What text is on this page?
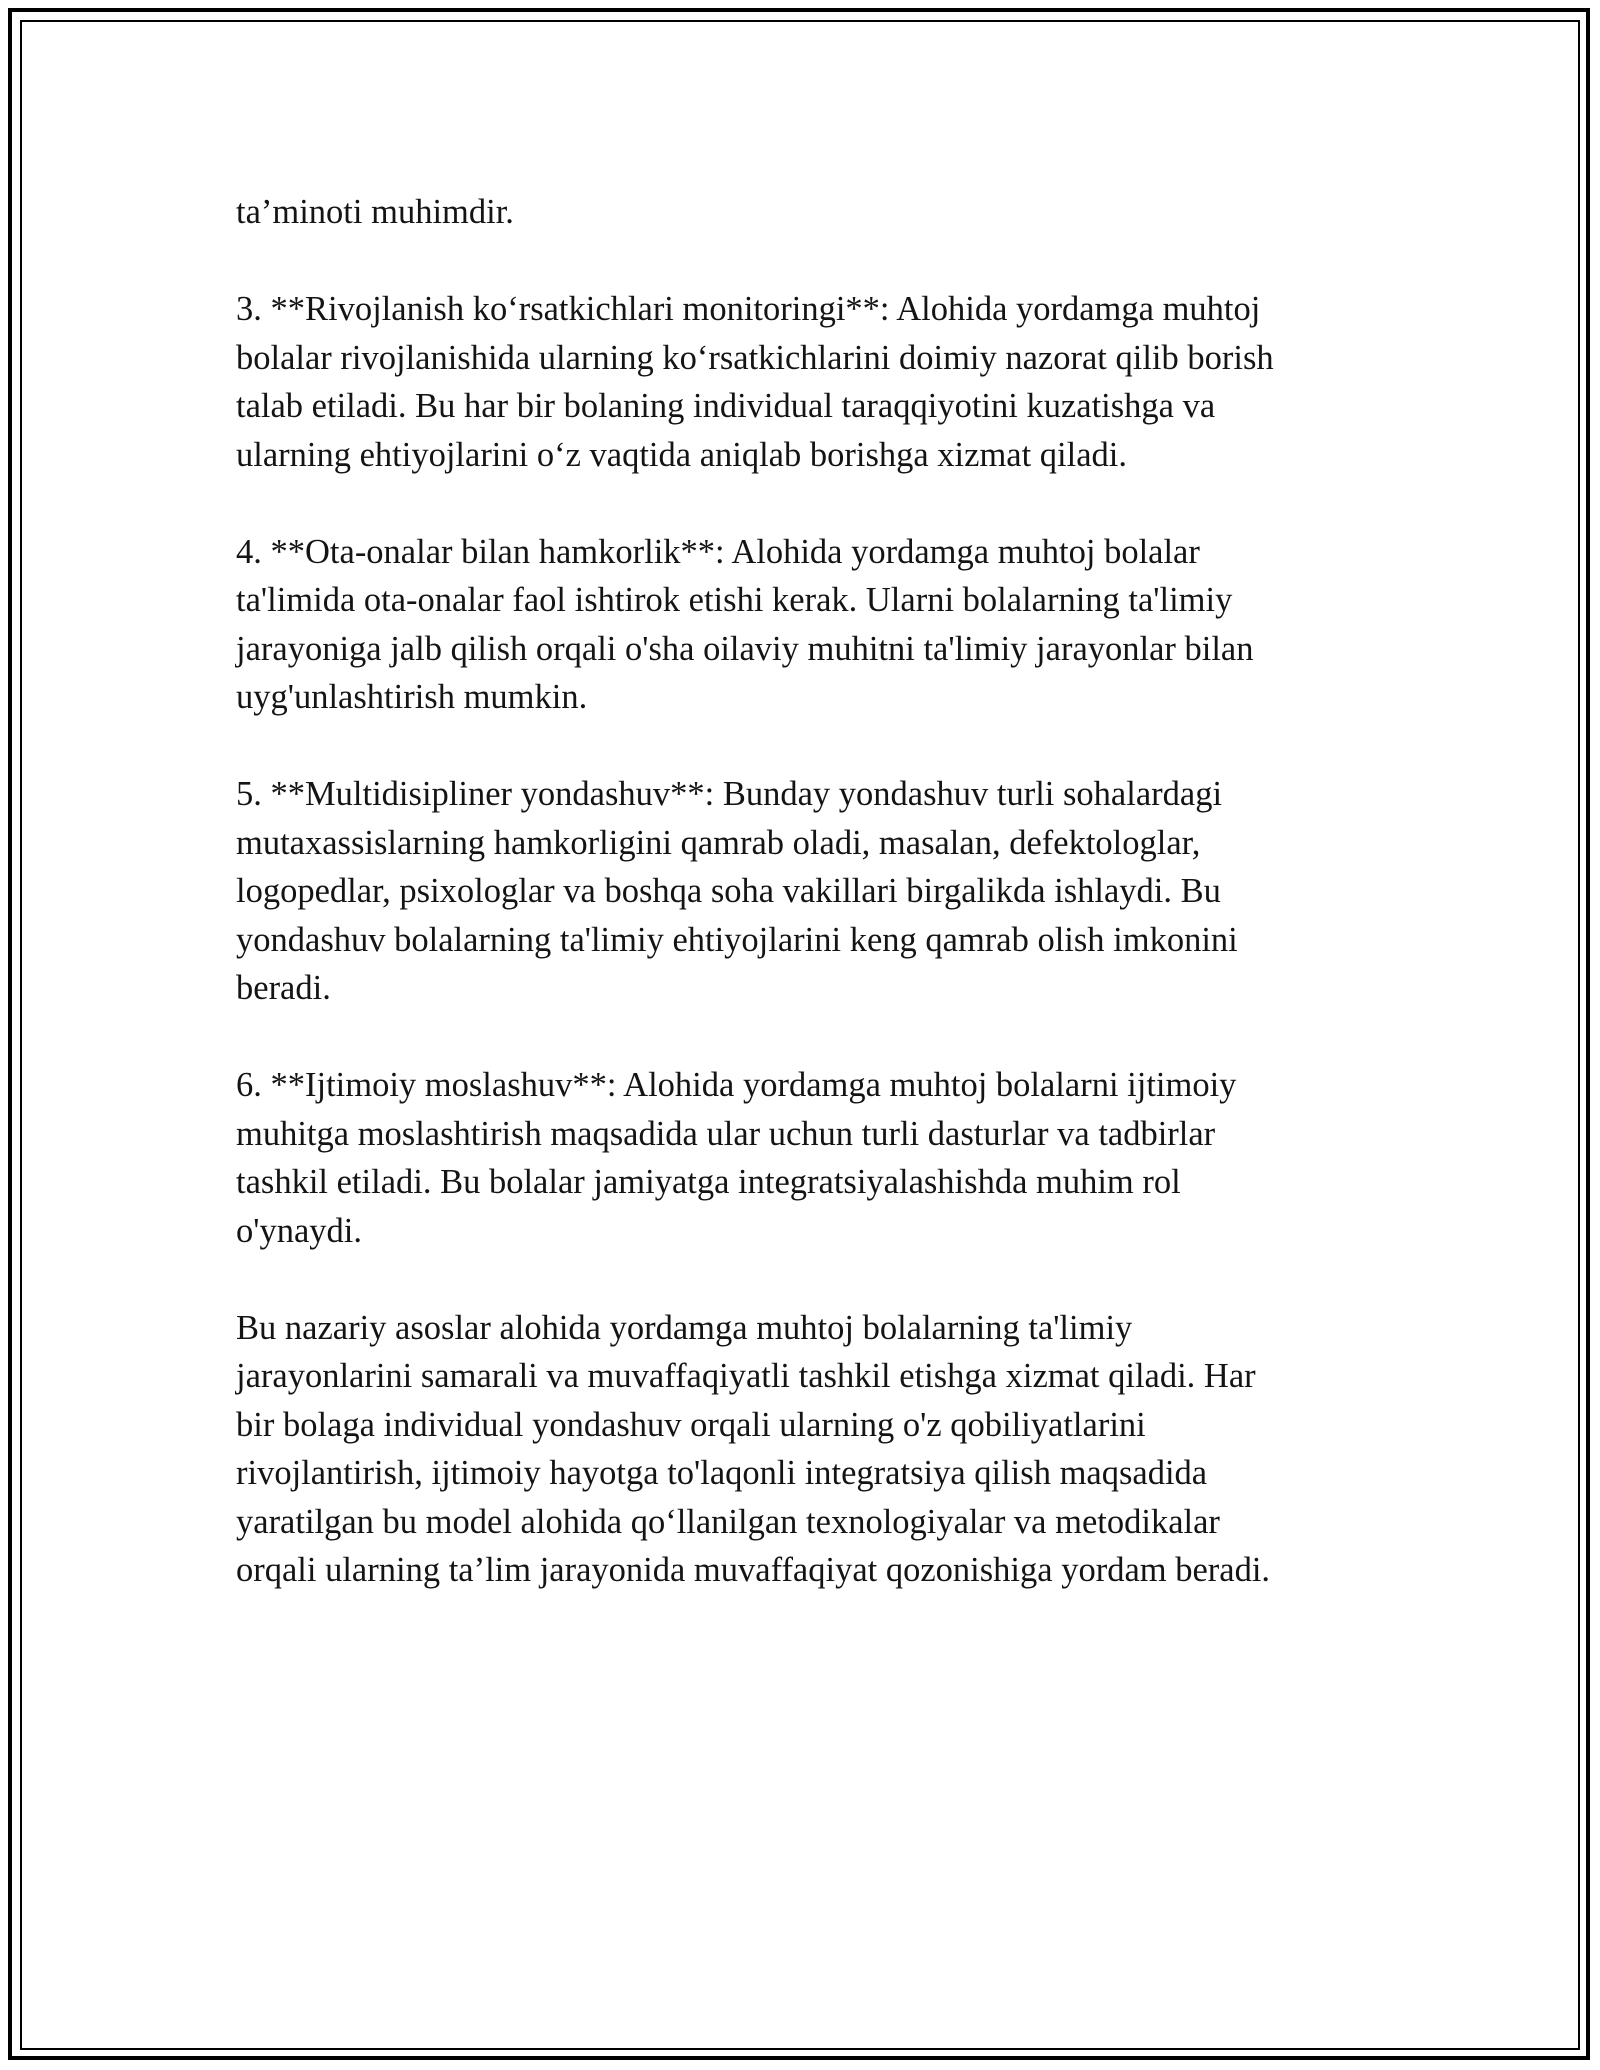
ta’minoti muhimdir.

3. **Rivojlanish ko‘rsatkichlari monitoringi**: Alohida yordamga muhtoj
bolalar rivojlanishida ularning ko‘rsatkichlarini doimiy nazorat qilib borish
talab etiladi. Bu har bir bolaning individual taraqqiyotini kuzatishga va
ularning ehtiyojlarini o‘z vaqtida aniqlab borishga xizmat qiladi.

4. **Ota-onalar bilan hamkorlik**: Alohida yordamga muhtoj bolalar
ta'limida ota-onalar faol ishtirok etishi kerak. Ularni bolalarning ta'limiy
jarayoniga jalb qilish orqali o'sha oilaviy muhitni ta'limiy jarayonlar bilan
uyg'unlashtirish mumkin.

5. **Multidisipliner yondashuv**: Bunday yondashuv turli sohalardagi
mutaxassislarning hamkorligini qamrab oladi, masalan, defektologlar,
logopedlar, psixologlar va boshqa soha vakillari birgalikda ishlaydi. Bu
yondashuv bolalarning ta'limiy ehtiyojlarini keng qamrab olish imkonini
beradi.

6. **Ijtimoiy moslashuv**: Alohida yordamga muhtoj bolalarni ijtimoiy
muhitga moslashtirish maqsadida ular uchun turli dasturlar va tadbirlar
tashkil etiladi. Bu bolalar jamiyatga integratsiyalashishda muhim rol
o'ynaydi.

Bu nazariy asoslar alohida yordamga muhtoj bolalarning ta'limiy
jarayonlarini samarali va muvaffaqiyatli tashkil etishga xizmat qiladi. Har
bir bolaga individual yondashuv orqali ularning o'z qobiliyatlarini
rivojlantirish, ijtimoiy hayotga to'laqonli integratsiya qilish maqsadida
yaratilgan bu model alohida qo‘llanilgan texnologiyalar va metodikalar
orqali ularning ta’lim jarayonida muvaffaqiyat qozonishiga yordam beradi.
